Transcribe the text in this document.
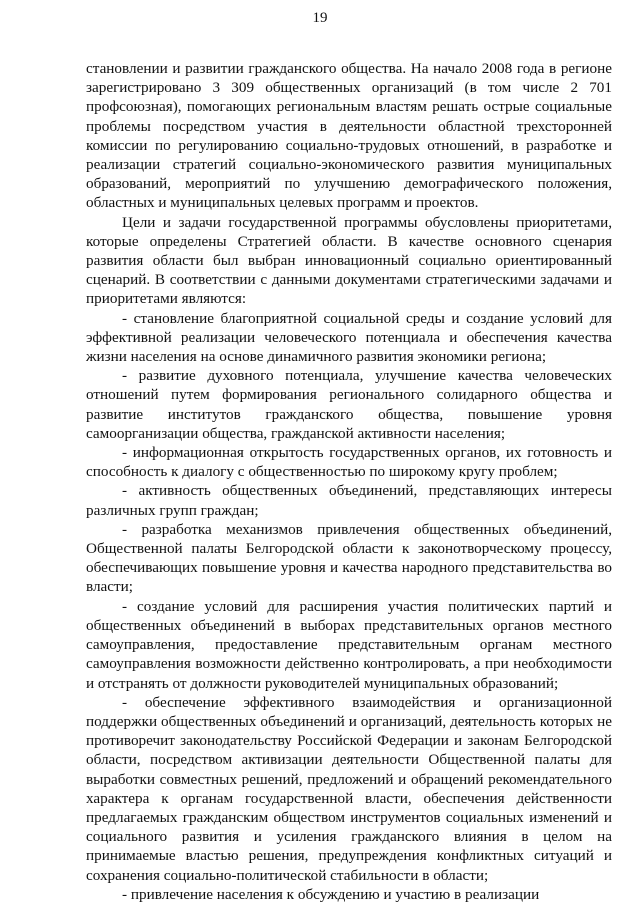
19

становлении и развитии гражданского общества. На начало 2008 года в регионе зарегистрировано 3 309 общественных организаций (в том числе 2 701 профсоюзная), помогающих региональным властям решать острые социальные проблемы посредством участия в деятельности областной трехсторонней комиссии по регулированию социально-трудовых отношений, в разработке и реализации стратегий социально-экономического развития муниципальных образований, мероприятий по улучшению демографического положения, областных и муниципальных целевых программ и проектов.

Цели и задачи государственной программы обусловлены приоритетами, которые определены Стратегией области. В качестве основного сценария развития области был выбран инновационный социально ориентированный сценарий. В соответствии с данными документами стратегическими задачами и приоритетами являются:

- становление благоприятной социальной среды и создание условий для эффективной реализации человеческого потенциала и обеспечения качества жизни населения на основе динамичного развития экономики региона;

- развитие духовного потенциала, улучшение качества человеческих отношений путем формирования регионального солидарного общества и развитие институтов гражданского общества, повышение уровня самоорганизации общества, гражданской активности населения;

- информационная открытость государственных органов, их готовность и способность к диалогу с общественностью по широкому кругу проблем;

- активность общественных объединений, представляющих интересы различных групп граждан;

- разработка механизмов привлечения общественных объединений, Общественной палаты Белгородской области к законотворческому процессу, обеспечивающих повышение уровня и качества народного представительства во власти;

- создание условий для расширения участия политических партий и общественных объединений в выборах представительных органов местного самоуправления, предоставление представительным органам местного самоуправления возможности действенно контролировать, а при необходимости и отстранять от должности руководителей муниципальных образований;

- обеспечение эффективного взаимодействия и организационной поддержки общественных объединений и организаций, деятельность которых не противоречит законодательству Российской Федерации и законам Белгородской области, посредством активизации деятельности Общественной палаты для выработки совместных решений, предложений и обращений рекомендательного характера к органам государственной власти, обеспечения действенности предлагаемых гражданским обществом инструментов социальных изменений и социального развития и усиления гражданского влияния в целом на принимаемые властью решения, предупреждения конфликтных ситуаций и сохранения социально-политической стабильности в области;

- привлечение населения к обсуждению и участию в реализации
